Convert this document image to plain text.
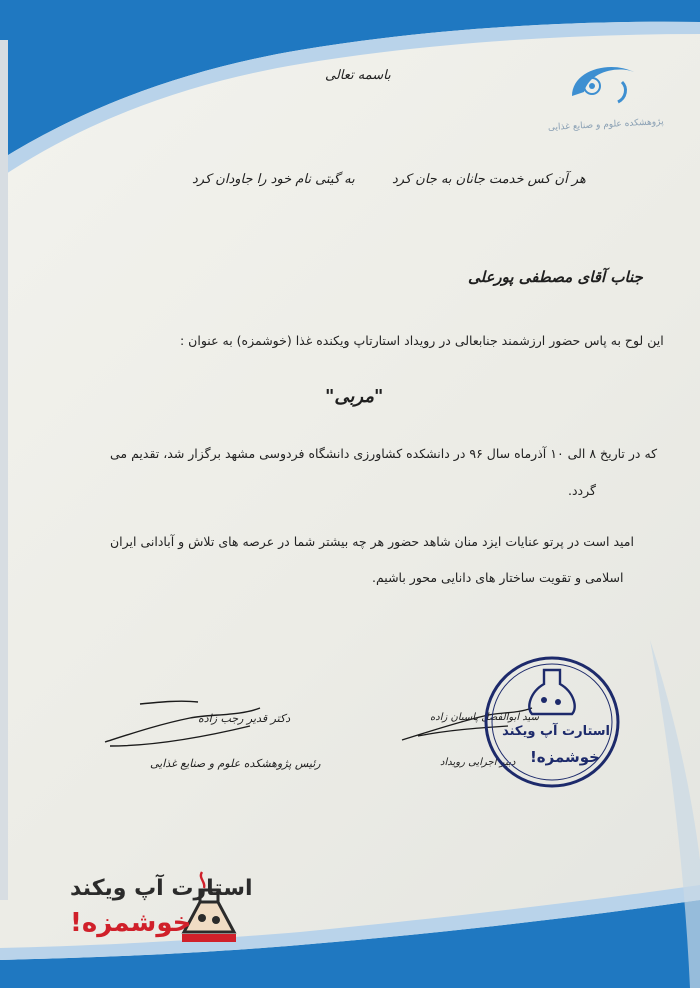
پژوهشکده علوم و صنایع غذایی
باسمه تعالی
هر آن کس خدمت جانان به جان کرد
به گیتی نام خود را جاودان کرد
جناب آقای مصطفی پورعلی
این لوح به پاس حضور ارزشمند جنابعالی در رویداد استارتاپ ویکنده غذا (خوشمزه) به عنوان :
"مربی"
که در تاریخ ۸ الی ۱۰ آذرماه سال ۹۶ در دانشکده کشاورزی دانشگاه فردوسی مشهد برگزار شد، تقدیم می
گردد.
امید است در پرتو عنایات ایزد منان شاهد حضور هر چه بیشتر شما در عرصه های تلاش و آبادانی ایران
اسلامی و تقویت ساختار های دانایی محور باشیم.
دکتر قدیر رجب زاده
رئیس پژوهشکده علوم و صنایع غذایی
سید ابوالفضل پاسبان زاده
دبیر اجرایی رویداد
استارت آپ ویکند
خوشمزه!
استارت آپ ویکند
خوشمزه!
